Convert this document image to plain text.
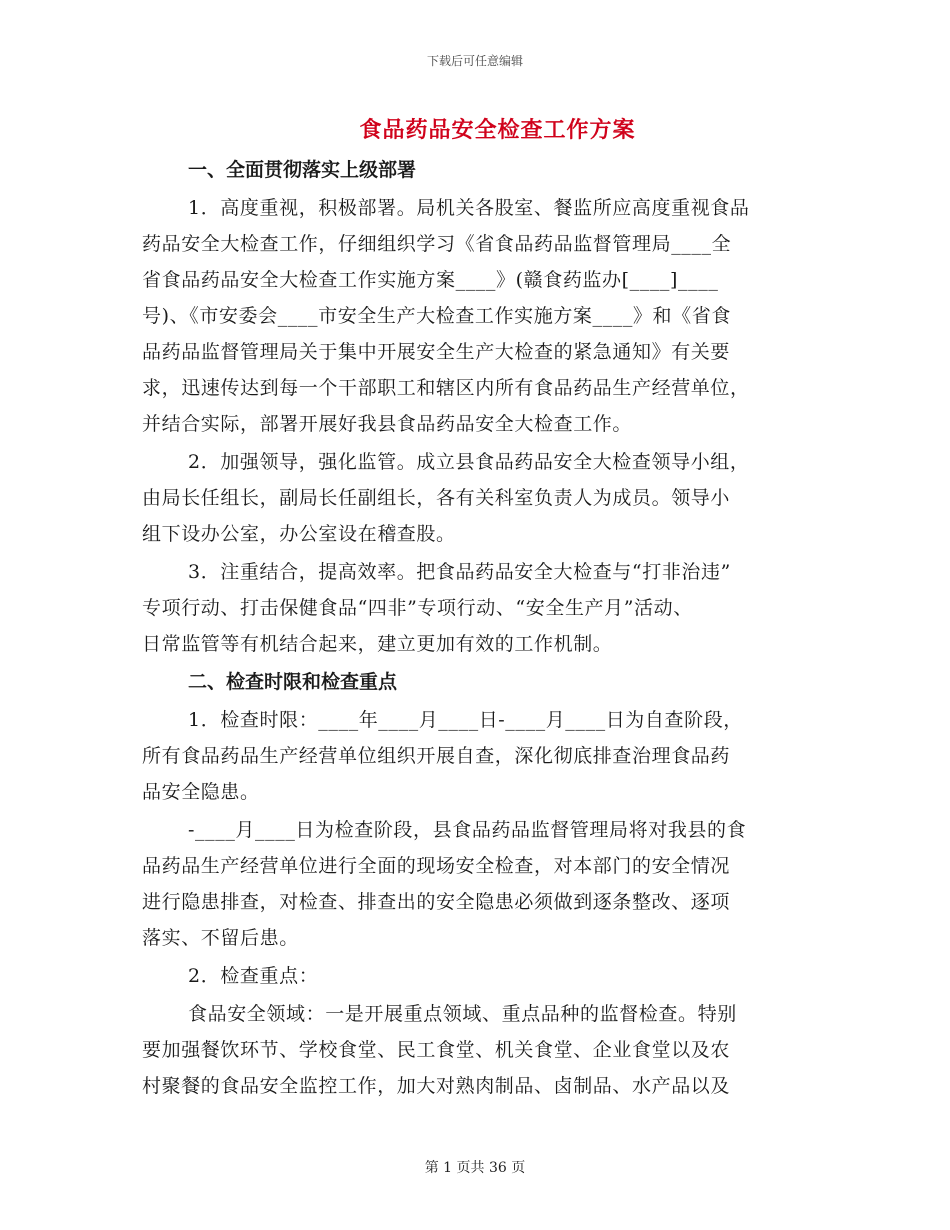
下载后可任意编辑
食品药品安全检查工作方案
一、全面贯彻落实上级部署
1．高度重视，积极部署。局机关各股室、餐监所应高度重视食品
药品安全大检查工作，仔细组织学习《省食品药品监督管理局____全
省食品药品安全大检查工作实施方案____》(赣食药监办[____]____
号)、《市安委会____市安全生产大检查工作实施方案____》和《省食
品药品监督管理局关于集中开展安全生产大检查的紧急通知》有关要
求，迅速传达到每一个干部职工和辖区内所有食品药品生产经营单位，
并结合实际，部署开展好我县食品药品安全大检查工作。
2．加强领导，强化监管。成立县食品药品安全大检查领导小组，
由局长任组长，副局长任副组长，各有关科室负责人为成员。领导小
组下设办公室，办公室设在稽查股。
3．注重结合，提高效率。把食品药品安全大检查与“打非治违”
专项行动、打击保健食品“四非”专项行动、“安全生产月”活动、
日常监管等有机结合起来，建立更加有效的工作机制。
二、检查时限和检查重点
1．检查时限：____年____月____日-____月____日为自查阶段，
所有食品药品生产经营单位组织开展自查，深化彻底排查治理食品药
品安全隐患。
-____月____日为检查阶段，县食品药品监督管理局将对我县的食
品药品生产经营单位进行全面的现场安全检查，对本部门的安全情况
进行隐患排查，对检查、排查出的安全隐患必须做到逐条整改、逐项
落实、不留后患。
2．检查重点：
食品安全领域：一是开展重点领域、重点品种的监督检查。特别
要加强餐饮环节、学校食堂、民工食堂、机关食堂、企业食堂以及农
村聚餐的食品安全监控工作，加大对熟肉制品、卤制品、水产品以及
第 1 页共 36 页
